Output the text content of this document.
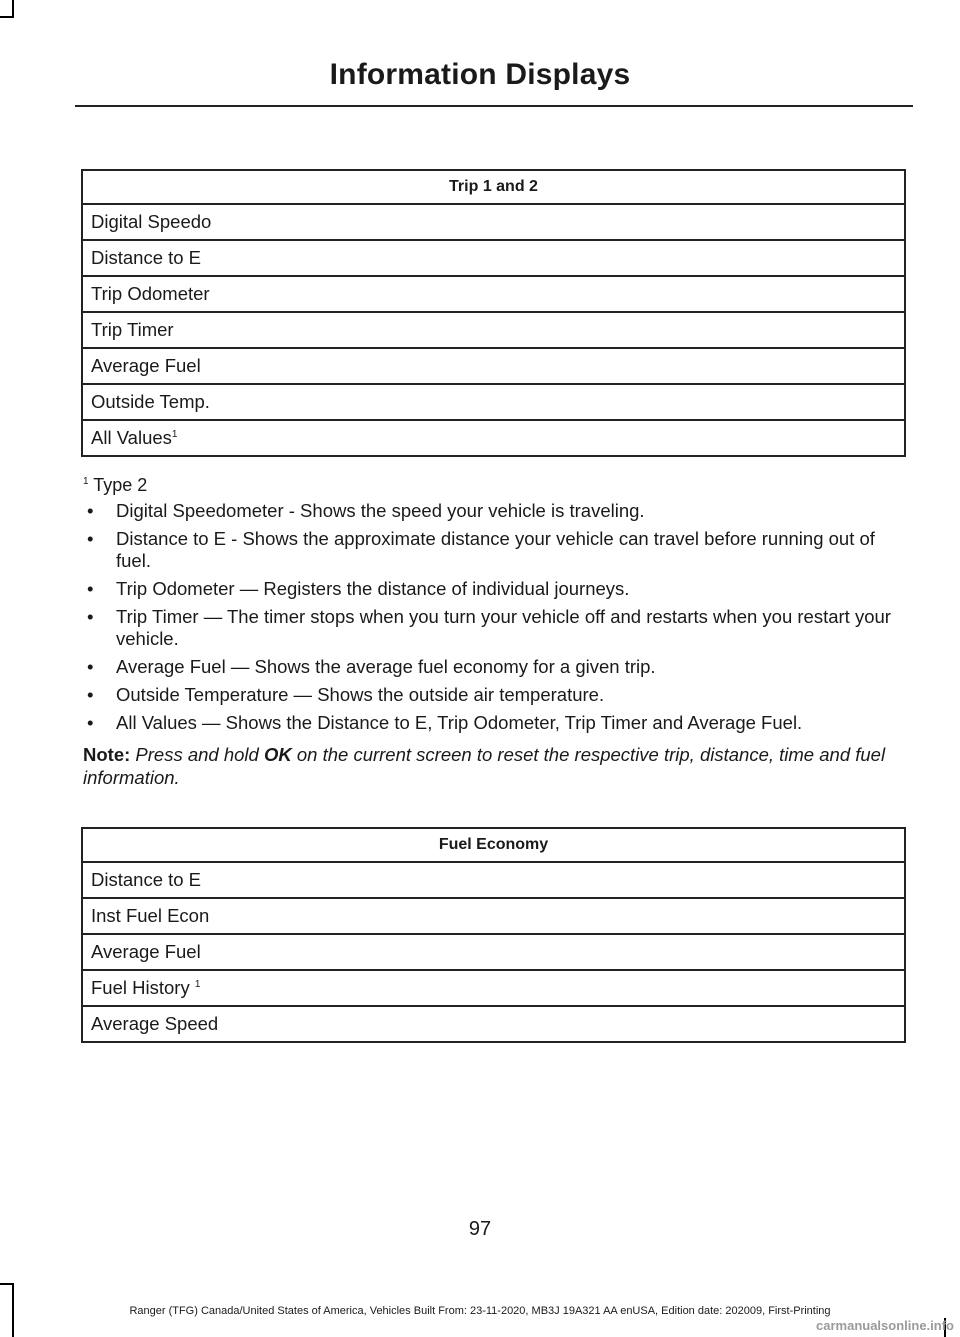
Information Displays
Trip 1 and 2
Digital Speedo
Distance to E
Trip Odometer
Trip Timer
Average Fuel
Outside Temp.
All Values$^1$
$^1$ Type 2
• Digital Speedometer - Shows the speed your vehicle is traveling.
• Distance to E - Shows the approximate distance your vehicle can travel before running out of fuel.
• Trip Odometer — Registers the distance of individual journeys.
• Trip Timer — The timer stops when you turn your vehicle off and restarts when you restart your vehicle.
• Average Fuel — Shows the average fuel economy for a given trip.
• Outside Temperature — Shows the outside air temperature.
• All Values — Shows the Distance to E, Trip Odometer, Trip Timer and Average Fuel.
Note: Press and hold OK on the current screen to reset the respective trip, distance, time and fuel information.
Fuel Economy
Distance to E
Inst Fuel Econ
Average Fuel
Fuel History $^1$
Average Speed
97
Ranger (TFG) Canada/United States of America, Vehicles Built From: 23-11-2020, MB3J 19A321 AA enUSA, Edition date: 202009, First-Printing
carmanualsonline.info
